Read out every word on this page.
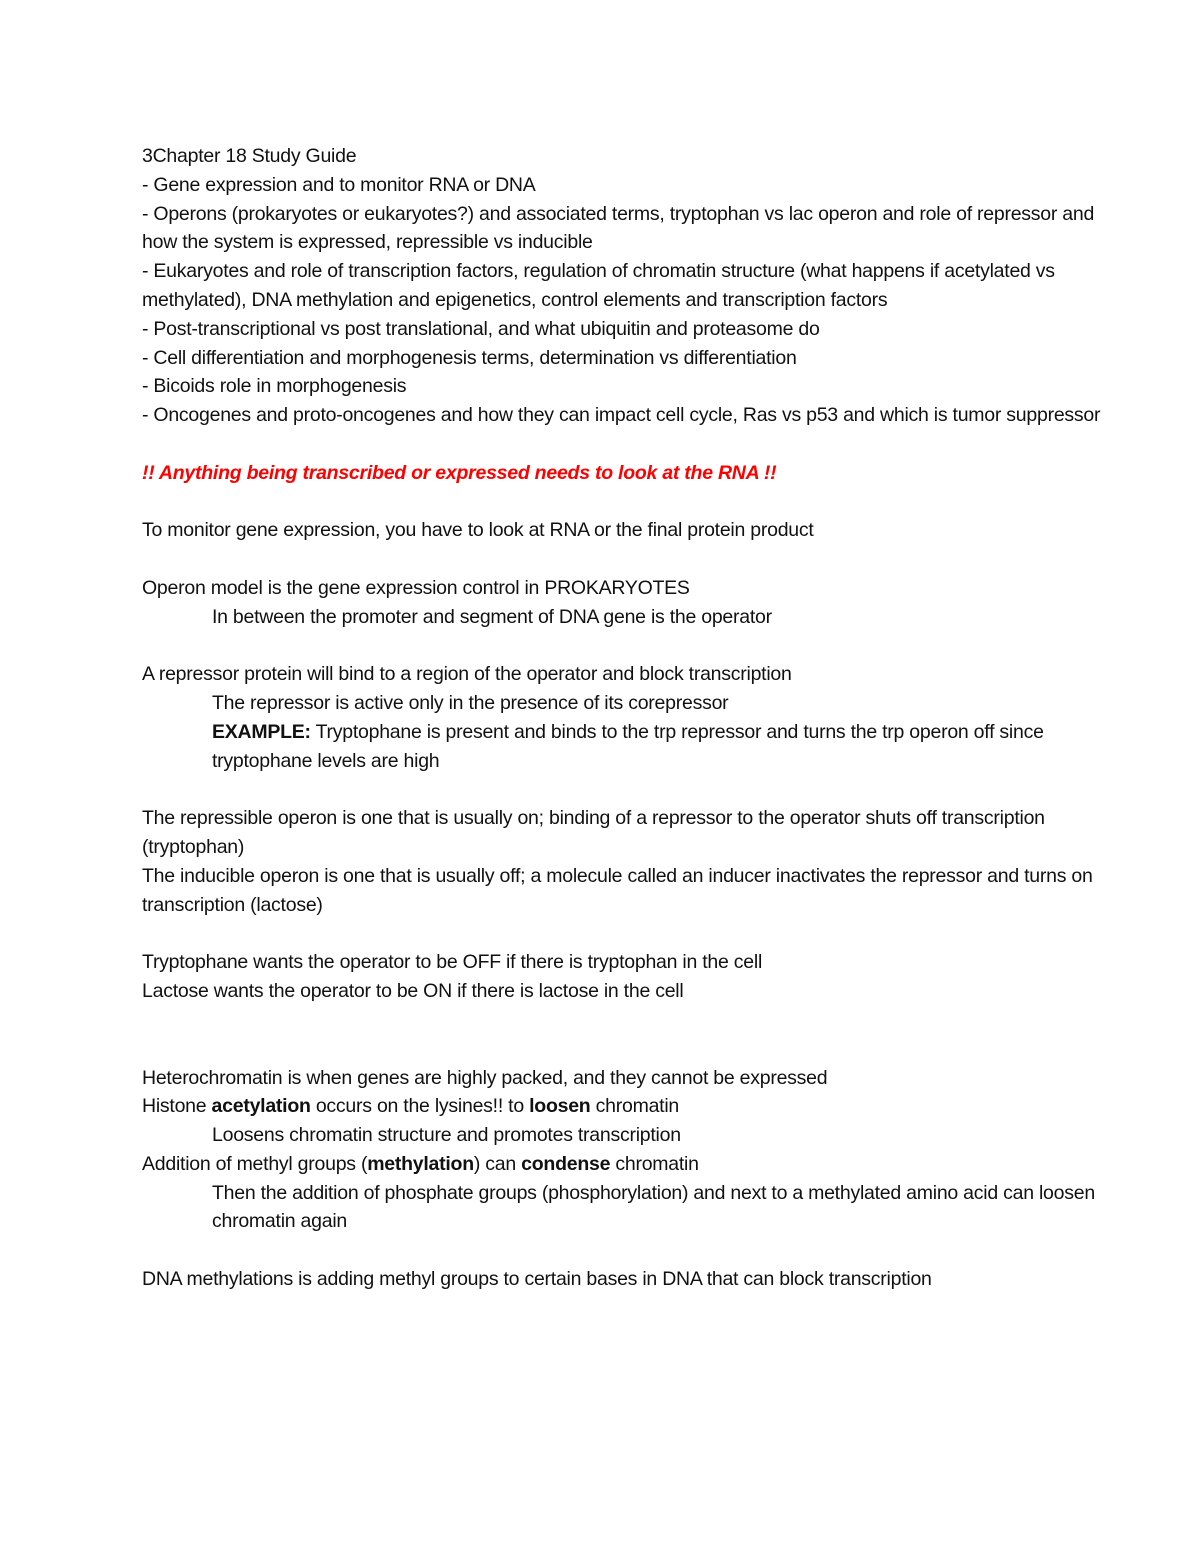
3Chapter 18 Study Guide

- Gene expression and to monitor RNA or DNA

- Operons (prokaryotes or eukaryotes?) and associated terms, tryptophan vs lac operon and role of repressor and how the system is expressed, repressible vs inducible

- Eukaryotes and role of transcription factors, regulation of chromatin structure (what happens if acetylated vs methylated), DNA methylation and epigenetics, control elements and transcription factors

- Post-transcriptional vs post translational, and what ubiquitin and proteasome do

- Cell differentiation and morphogenesis terms, determination vs differentiation

- Bicoids role in morphogenesis

- Oncogenes and proto-oncogenes and how they can impact cell cycle, Ras vs p53 and which is tumor suppressor

!! Anything being transcribed or expressed needs to look at the RNA !!

To monitor gene expression, you have to look at RNA or the final protein product

Operon model is the gene expression control in PROKARYOTES

In between the promoter and segment of DNA gene is the operator

A repressor protein will bind to a region of the operator and block transcription

The repressor is active only in the presence of its corepressor

EXAMPLE: Tryptophane is present and binds to the trp repressor and turns the trp operon off since tryptophane levels are high

The repressible operon is one that is usually on; binding of a repressor to the operator shuts off transcription (tryptophan)

The inducible operon is one that is usually off; a molecule called an inducer inactivates the repressor and turns on transcription (lactose)

Tryptophane wants the operator to be OFF if there is tryptophan in the cell

Lactose wants the operator to be ON if there is lactose in the cell

Heterochromatin is when genes are highly packed, and they cannot be expressed

Histone acetylation occurs on the lysines!! to loosen chromatin

Loosens chromatin structure and promotes transcription

Addition of methyl groups (methylation) can condense chromatin

Then the addition of phosphate groups (phosphorylation) and next to a methylated amino acid can loosen chromatin again

DNA methylations is adding methyl groups to certain bases in DNA that can block transcription
